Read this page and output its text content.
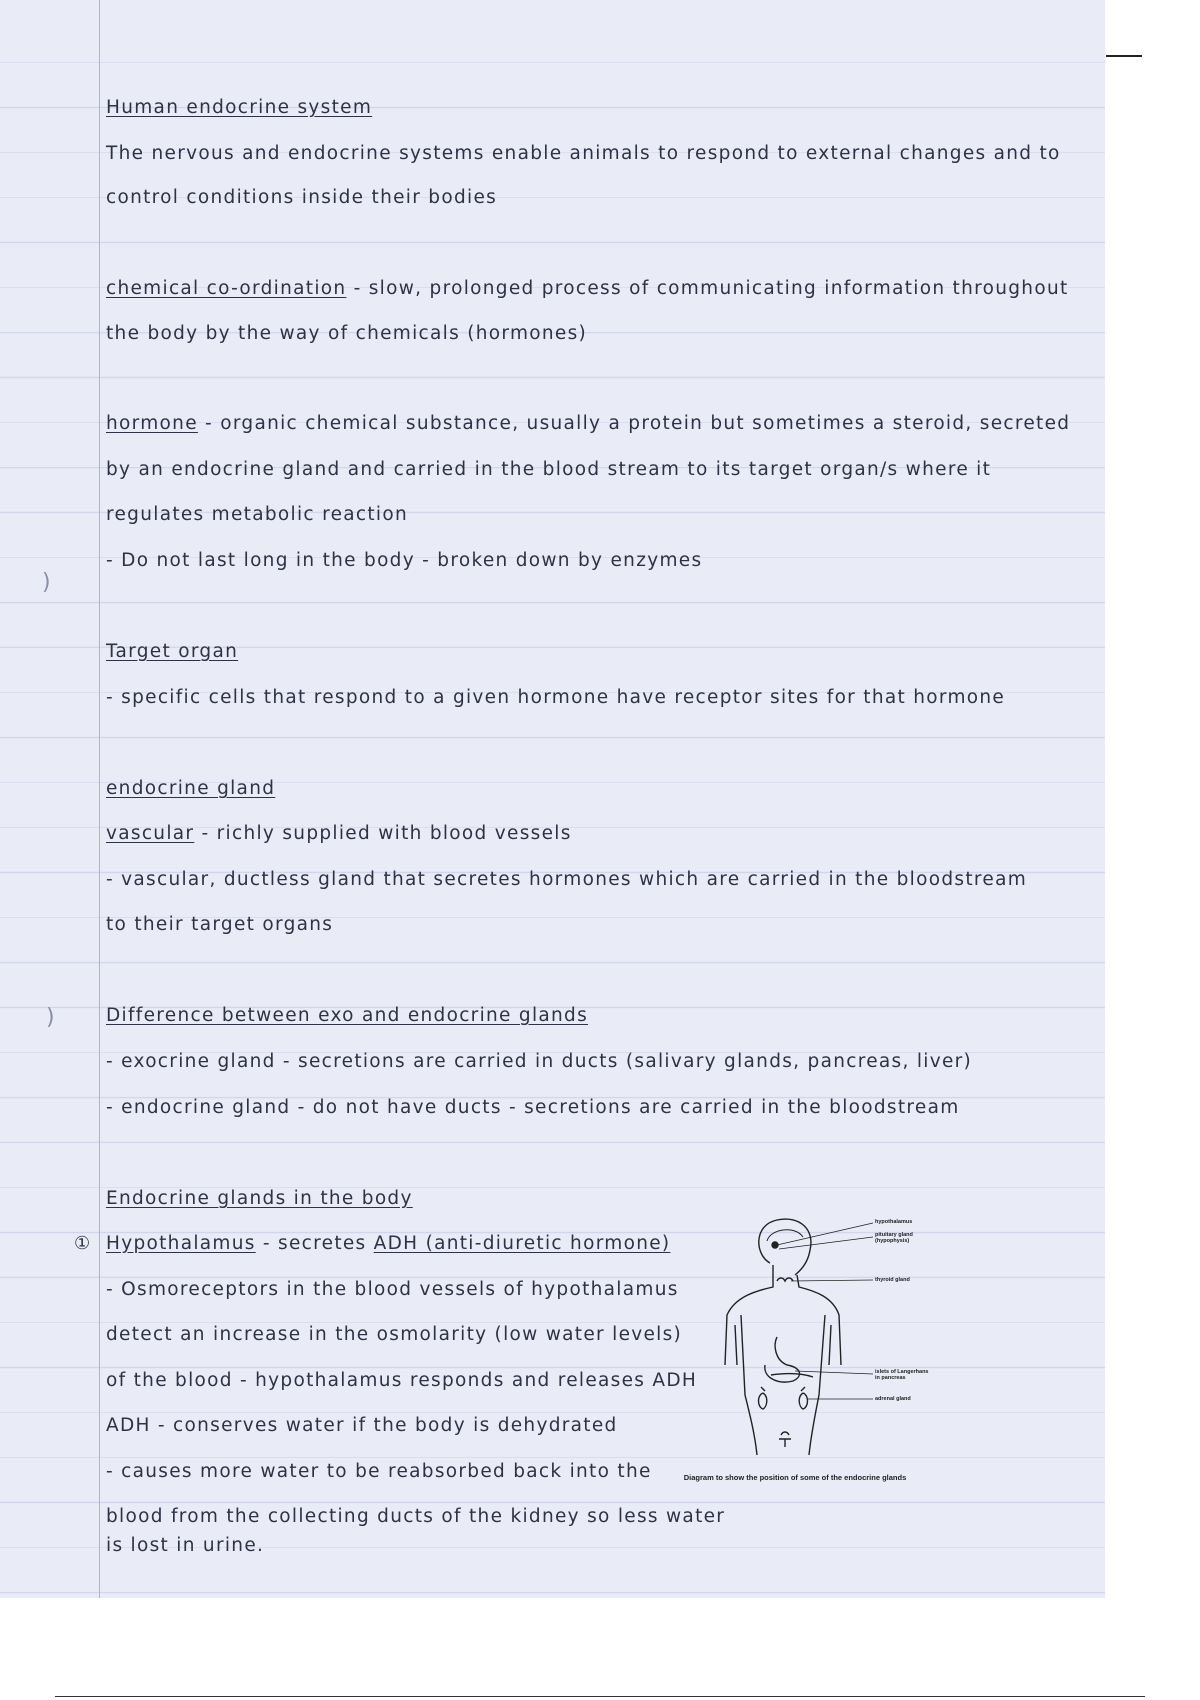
)
)
Human endocrine system
The nervous and endocrine systems enable animals to respond to external changes and to
control conditions inside their bodies
chemical co-ordination - slow, prolonged process of communicating information throughout
the body by the way of chemicals (hormones)
hormone - organic chemical substance, usually a protein but sometimes a steroid, secreted
by an endocrine gland and carried in the blood stream to its target organ/s where it
regulates metabolic reaction
- Do not last long in the body - broken down by enzymes
Target organ
- specific cells that respond to a given hormone have receptor sites for that hormone
endocrine gland
vascular - richly supplied with blood vessels
- vascular, ductless gland that secretes hormones which are carried in the bloodstream
to their target organs
Difference between exo and endocrine glands
- exocrine gland - secretions are carried in ducts (salivary glands, pancreas, liver)
- endocrine gland - do not have ducts - secretions are carried in the bloodstream
Endocrine glands in the body
① Hypothalamus - secretes ADH (anti-diuretic hormone)
- Osmoreceptors in the blood vessels of hypothalamus
detect an increase in the osmolarity (low water levels)
of the blood - hypothalamus responds and releases ADH
ADH - conserves water if the body is dehydrated
- causes more water to be reabsorbed back into the
blood from the collecting ducts of the kidney so less water
is lost in urine.
hypothalamus
pituitary gland (hypophysis)
thyroid gland
islets of Langerhans in pancreas
adrenal gland
Diagram to show the position of some of the endocrine glands
